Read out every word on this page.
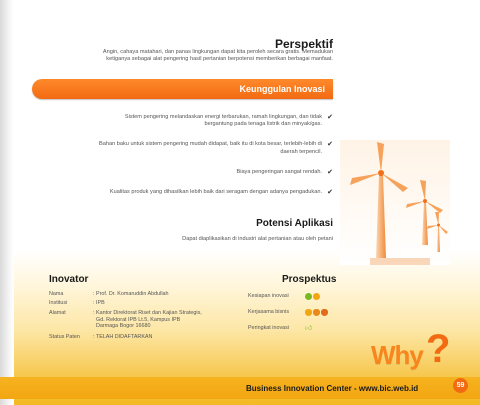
Perspektif
Angin, cahaya matahari, dan panas lingkungan dapat kita peroleh secara gratis. Memadukan
ketiganya sebagai alat pengering hasil pertanian berpotensi memberikan berbagai manfaat.
Keunggulan Inovasi
Sistem pengering melandaskan energi terbarukan, ramah lingkungan, dan tidak
bergantung pada tenaga listrik dan minyak/gas.
✔
Bahan baku untuk sistem pengering mudah didapat, baik itu di kota besar, terlebih-lebih di
daerah terpencil.
✔
Biaya pengeringan sangat rendah. ✔
Kualitas produk yang dihasilkan lebih baik dari seragam dengan adanya pengadukan. ✔
Potensi Aplikasi
Dapat diaplikasikan di industri alat pertanian atau oleh petani
Inovator
Nama	: Prof. Dr. Komaruddin Abdullah
Institusi	: IPB
Alamat	: Kantor Direktorat Riset dan Kajian Strategis,
Gd. Rektorat IPB Lt.5, Kampus IPB
Darmaga Bogor 16680
Status Paten	: TELAH DIDAFTARKAN
Prospektus
Kesiapan inovasi
Kerjasama bisnis
Peringkat inovasi	👍︎
Why ?
Business Innovation Center - www.bic.web.id	59
